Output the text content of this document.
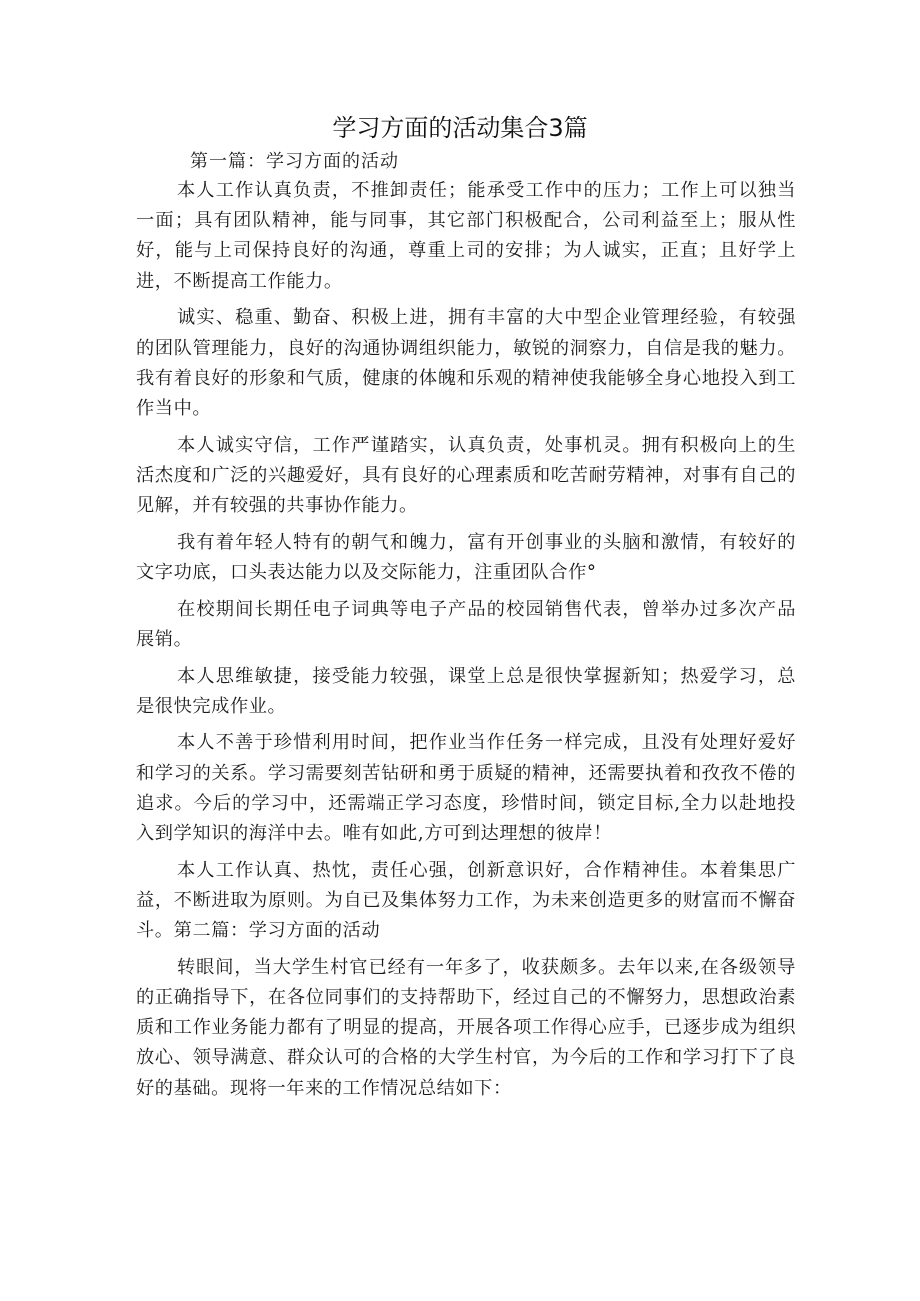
学习方面的活动集合3篇
第一篇：学习方面的活动

本人工作认真负责，不推卸责任；能承受工作中的压力；工作上可以独当一面；具有团队精神，能与同事，其它部门积极配合，公司利益至上；服从性好，能与上司保持良好的沟通，尊重上司的安排；为人诚实，正直；且好学上进，不断提高工作能力。

诚实、稳重、勤奋、积极上进，拥有丰富的大中型企业管理经验，有较强的团队管理能力，良好的沟通协调组织能力，敏锐的洞察力，自信是我的魅力。我有着良好的形象和气质，健康的体魄和乐观的精神使我能够全身心地投入到工作当中。

本人诚实守信，工作严谨踏实，认真负责，处事机灵。拥有积极向上的生活杰度和广泛的兴趣爱好，具有良好的心理素质和吃苦耐劳精神，对事有自己的见解，并有较强的共事协作能力。

我有着年轻人特有的朝气和魄力，富有开创事业的头脑和激情，有较好的文字功底，口头表达能力以及交际能力，注重团队合作°

在校期间长期任电子词典等电子产品的校园销售代表，曾举办过多次产品展销。

本人思维敏捷，接受能力较强，课堂上总是很快掌握新知；热爱学习，总是很快完成作业。

本人不善于珍惜利用时间，把作业当作任务一样完成，且没有处理好爱好和学习的关系。学习需要刻苦钻研和勇于质疑的精神，还需要执着和孜孜不倦的追求。今后的学习中，还需端正学习态度，珍惜时间，锁定目标,全力以赴地投入到学知识的海洋中去。唯有如此,方可到达理想的彼岸！

本人工作认真、热忱，责任心强，创新意识好，合作精神佳。本着集思广益，不断进取为原则。为自已及集体努力工作，为未来创造更多的财富而不懈奋斗。第二篇：学习方面的活动

转眼间，当大学生村官已经有一年多了，收获颇多。去年以来,在各级领导的正确指导下，在各位同事们的支持帮助下，经过自己的不懈努力，思想政治素质和工作业务能力都有了明显的提高，开展各项工作得心应手，已逐步成为组织放心、领导满意、群众认可的合格的大学生村官，为今后的工作和学习打下了良好的基础。现将一年来的工作情况总结如下：
